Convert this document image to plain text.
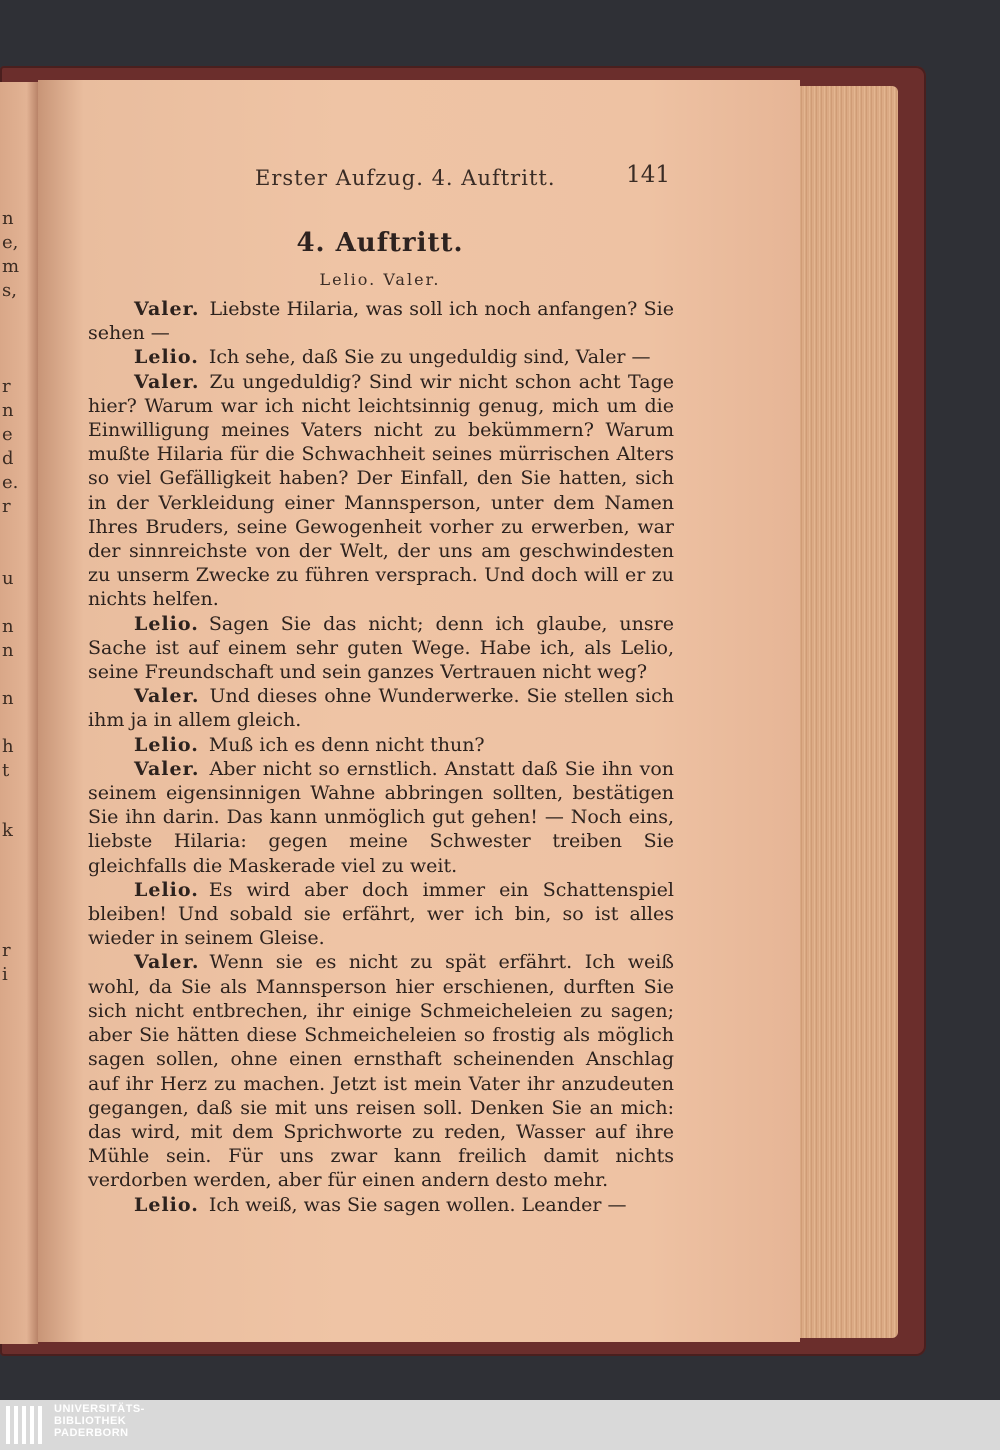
n
e,
m
s,
r
n
e
d
e.
r
u
n
n
n
h
t
k
r
i
Erster Aufzug. 4. Auftritt.	141
4. Auftritt.
Lelio. Valer.

Valer. Liebste Hilaria, was soll ich noch anfangen? Sie sehen —

Lelio. Ich sehe, daß Sie zu ungeduldig sind, Valer —

Valer. Zu ungeduldig? Sind wir nicht schon acht Tage hier? Warum war ich nicht leichtsinnig genug, mich um die Einwilligung meines Vaters nicht zu bekümmern? Warum mußte Hilaria für die Schwachheit seines mürrischen Alters so viel Gefälligkeit haben? Der Einfall, den Sie hatten, sich in der Verkleidung einer Mannsperson, unter dem Namen Ihres Bruders, seine Gewogenheit vorher zu erwerben, war der sinnreichste von der Welt, der uns am geschwindesten zu unserm Zwecke zu führen versprach. Und doch will er zu nichts helfen.

Lelio. Sagen Sie das nicht; denn ich glaube, unsre Sache ist auf einem sehr guten Wege. Habe ich, als Lelio, seine Freundschaft und sein ganzes Vertrauen nicht weg?

Valer. Und dieses ohne Wunderwerke. Sie stellen sich ihm ja in allem gleich.

Lelio. Muß ich es denn nicht thun?

Valer. Aber nicht so ernstlich. Anstatt daß Sie ihn von seinem eigensinnigen Wahne abbringen sollten, bestätigen Sie ihn darin. Das kann unmöglich gut gehen! — Noch eins, liebste Hilaria: gegen meine Schwester treiben Sie gleichfalls die Maskerade viel zu weit.

Lelio. Es wird aber doch immer ein Schattenspiel bleiben! Und sobald sie erfährt, wer ich bin, so ist alles wieder in seinem Gleise.

Valer. Wenn sie es nicht zu spät erfährt. Ich weiß wohl, da Sie als Mannsperson hier erschienen, durften Sie sich nicht entbrechen, ihr einige Schmeicheleien zu sagen; aber Sie hätten diese Schmeicheleien so frostig als möglich sagen sollen, ohne einen ernsthaft scheinenden Anschlag auf ihr Herz zu machen. Jetzt ist mein Vater ihr anzudeuten gegangen, daß sie mit uns reisen soll. Denken Sie an mich: das wird, mit dem Sprichworte zu reden, Wasser auf ihre Mühle sein. Für uns zwar kann freilich damit nichts verdorben werden, aber für einen andern desto mehr.

Lelio. Ich weiß, was Sie sagen wollen. Leander —

UNIVERSITÄTS-
BIBLIOTHEK
PADERBORN
